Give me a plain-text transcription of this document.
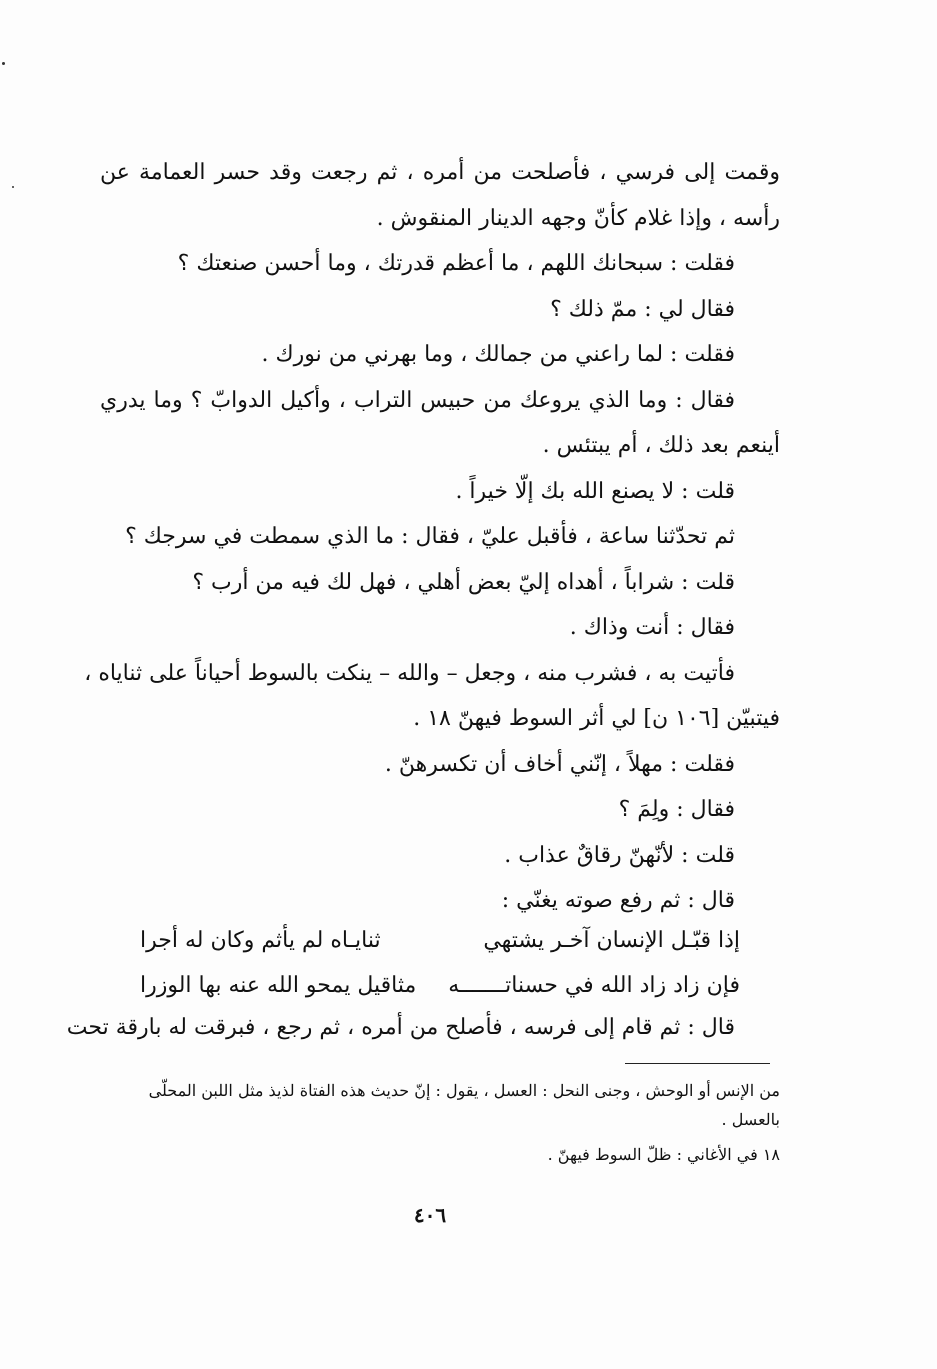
وقمت إلى فرسي ، فأصلحت من أمره ، ثم رجعت وقد حسر العمامة عن
رأسه ، وإذا غلام كأنّ وجهه الدينار المنقوش .
فقلت : سبحانك اللهم ، ما أعظم قدرتك ، وما أحسن صنعتك ؟
فقال لي : ممّ ذلك ؟
فقلت : لما راعني من جمالك ، وما بهرني من نورك .
فقال : وما الذي يروعك من حبيس التراب ، وأكيل الدوابّ ؟ وما يدري
أينعم بعد ذلك ، أم يبتئس .
قلت : لا يصنع الله بك إلّا خيراً .
ثم تحدّثنا ساعة ، فأقبل عليّ ، فقال : ما الذي سمطت في سرجك ؟
قلت : شراباً ، أهداه إليّ بعض أهلي ، فهل لك فيه من أرب ؟
فقال : أنت وذاك .
فأتيت به ، فشرب منه ، وجعل – والله – ينكت بالسوط أحياناً على ثناياه ،
فيتبيّن [١٠٦ ن] لي أثر السوط فيهنّ ١٨ .
فقلت : مهلاً ، إنّني أخاف أن تكسرهنّ .
فقال : ولِمَ ؟
قلت : لأنّهنّ رقاقٌ عذاب .
قال : ثم رفع صوته يغنّي :
إذا قبّـل الإنسان آخـر يشتهي
ثنايـاه لم يأثم وكان له أجرا
فإن زاد زاد الله في حسناتـــــــه
مثاقيل يمحو الله عنه بها الوزرا
قال : ثم قام إلى فرسه ، فأصلح من أمره ، ثم رجع ، فبرقت له بارقة تحت
من الإنس أو الوحش ، وجنى النحل : العسل ، يقول : إنّ حديث هذه الفتاة لذيذ مثل اللبن المحلّى
بالعسل .
١٨ في الأغاني : ظلّ السوط فيهنّ .
٤٠٦
